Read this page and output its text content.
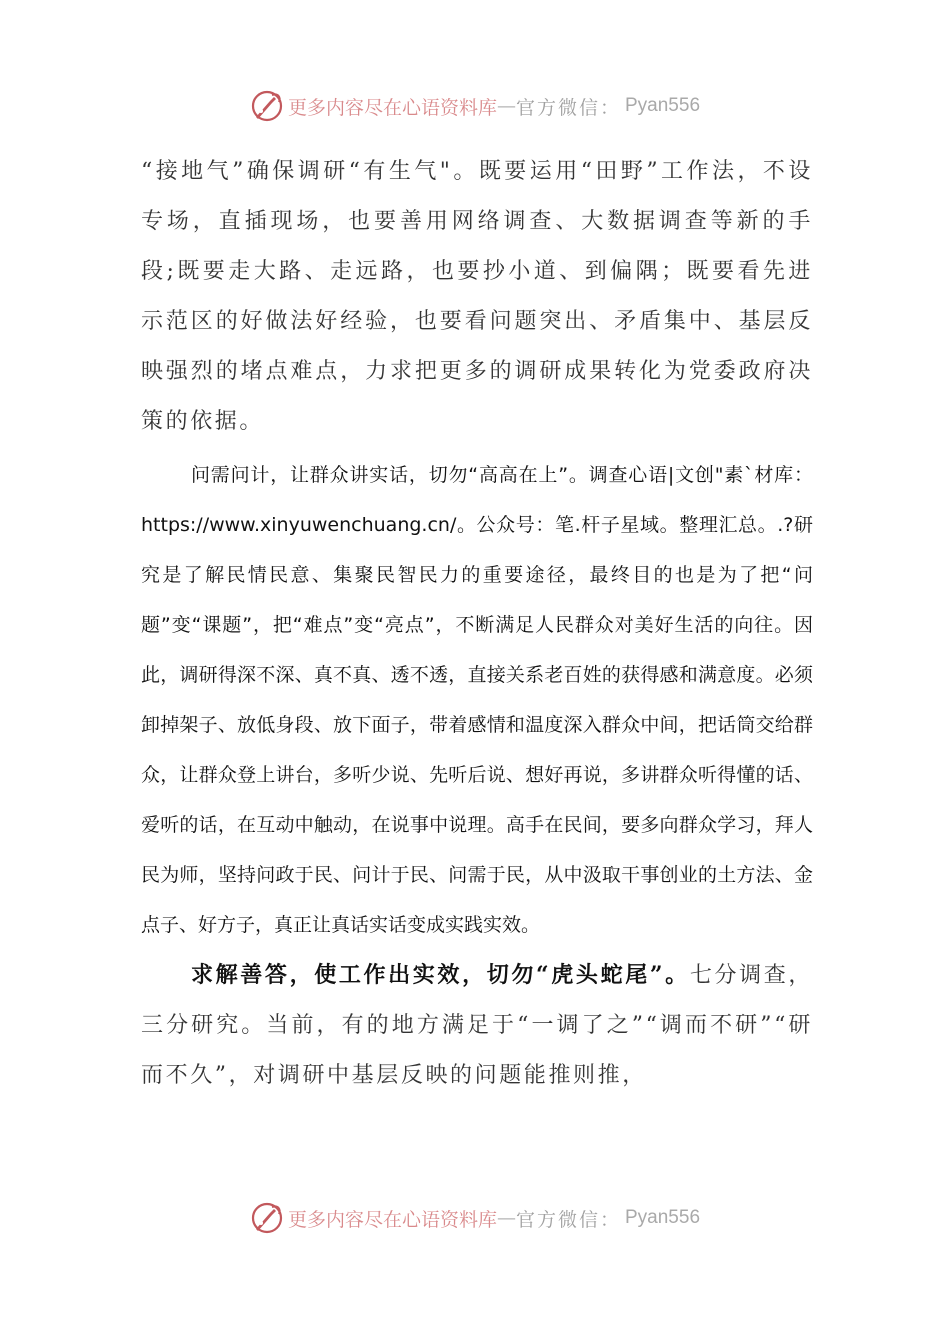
更多内容尽在心语资料库 — 官方微信： Pyan556

“接地气”确保调研“有生气"。既要运用“田野”工作法，不设专场，直插现场，也要善用网络调查、大数据调查等新的手段;既要走大路、走远路，也要抄小道、到偏隅；既要看先进示范区的好做法好经验，也要看问题突出、矛盾集中、基层反映强烈的堵点难点，力求把更多的调研成果转化为党委政府决策的依据。

问需问计，让群众讲实话，切勿“高高在上”。调查心语|文创"素`材库：https://www.xinyuwenchuang.cn/。公众号：笔.杆子星域。整理汇总。.?研究是了解民情民意、集聚民智民力的重要途径，最终目的也是为了把“问题”变“课题”，把“难点”变“亮点”，不断满足人民群众对美好生活的向往。因此，调研得深不深、真不真、透不透，直接关系老百姓的获得感和满意度。必须卸掉架子、放低身段、放下面子，带着感情和温度深入群众中间，把话筒交给群众，让群众登上讲台，多听少说、先听后说、想好再说，多讲群众听得懂的话、爱听的话，在互动中触动，在说事中说理。高手在民间，要多向群众学习，拜人民为师，坚持问政于民、问计于民、问需于民，从中汲取干事创业的土方法、金点子、好方子，真正让真话实话变成实践实效。

求解善答，使工作出实效，切勿“虎头蛇尾”。七分调查，三分研究。当前，有的地方满足于“一调了之”“调而不研”“研而不久”，对调研中基层反映的问题能推则推，

更多内容尽在心语资料库 — 官方微信： Pyan556
